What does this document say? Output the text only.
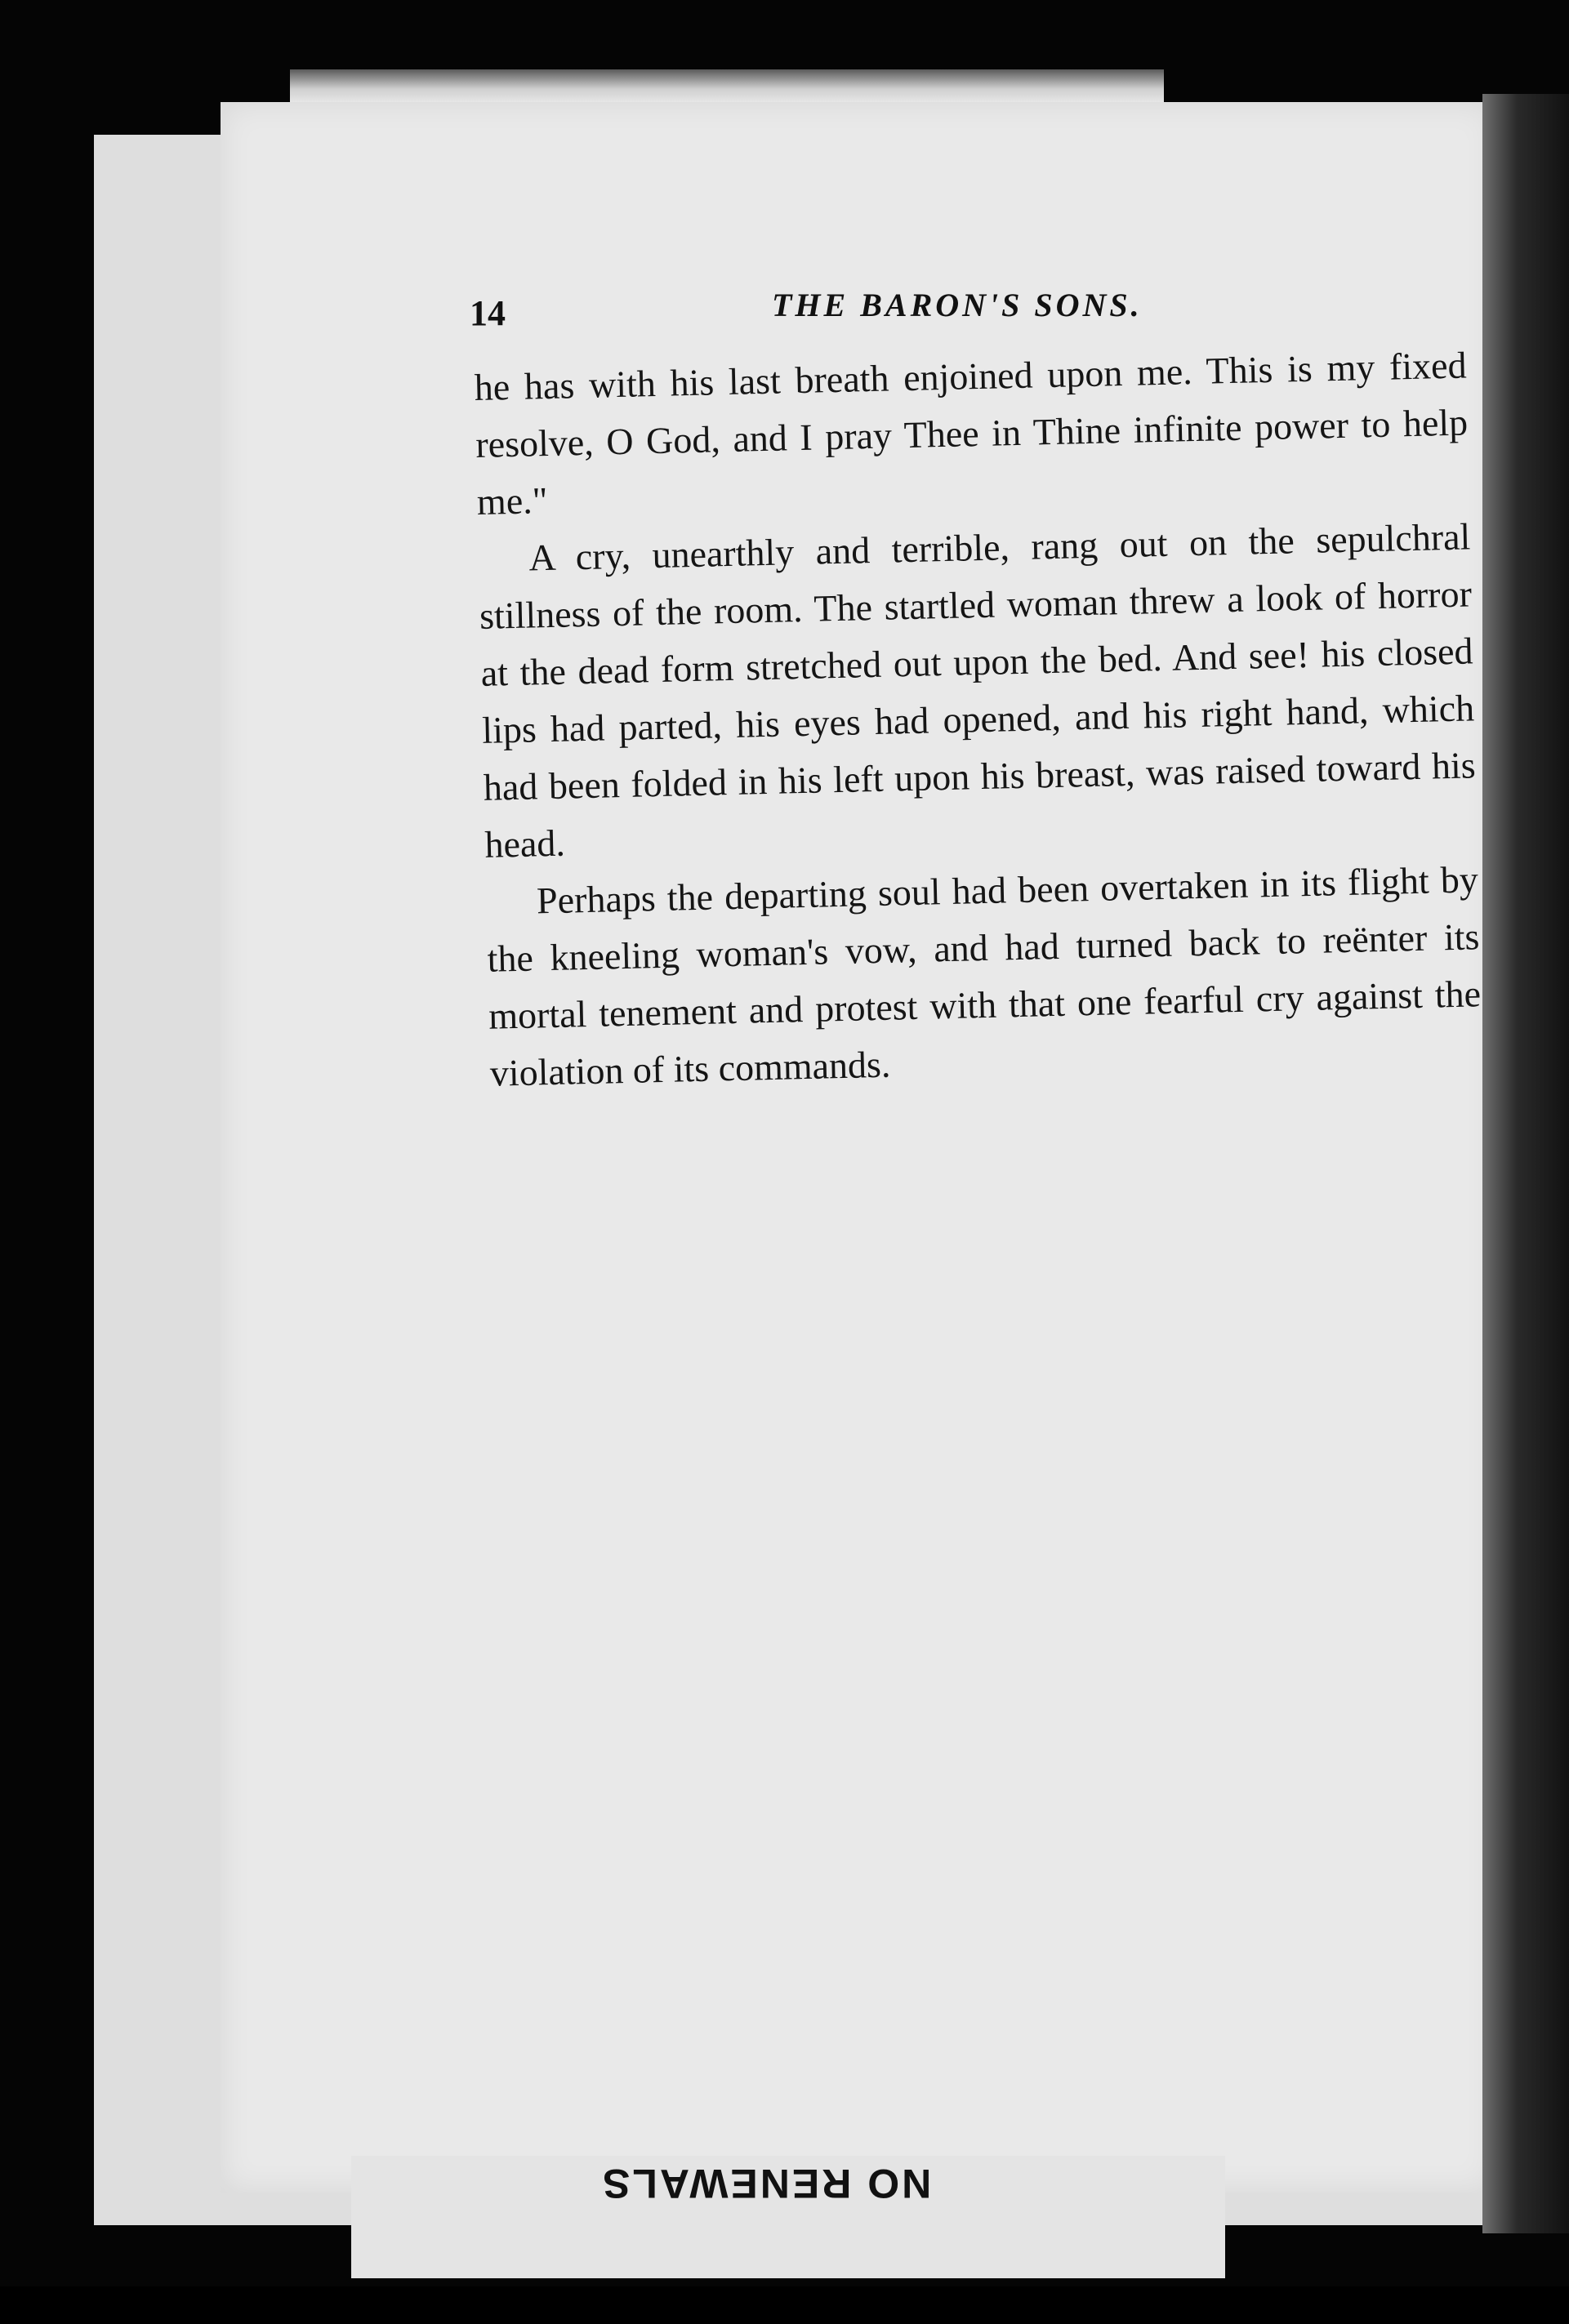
14	THE BARON'S SONS.

he has with his last breath enjoined upon me. This is my fixed resolve, O God, and I pray Thee in Thine infinite power to help me."

A cry, unearthly and terrible, rang out on the sepulchral stillness of the room. The startled woman threw a look of horror at the dead form stretched out upon the bed. And see! his closed lips had parted, his eyes had opened, and his right hand, which had been folded in his left upon his breast, was raised toward his head.

Perhaps the departing soul had been overtaken in its flight by the kneeling woman's vow, and had turned back to reënter its mortal tenement and protest with that one fearful cry against the violation of its commands.

NO RENEWALS
